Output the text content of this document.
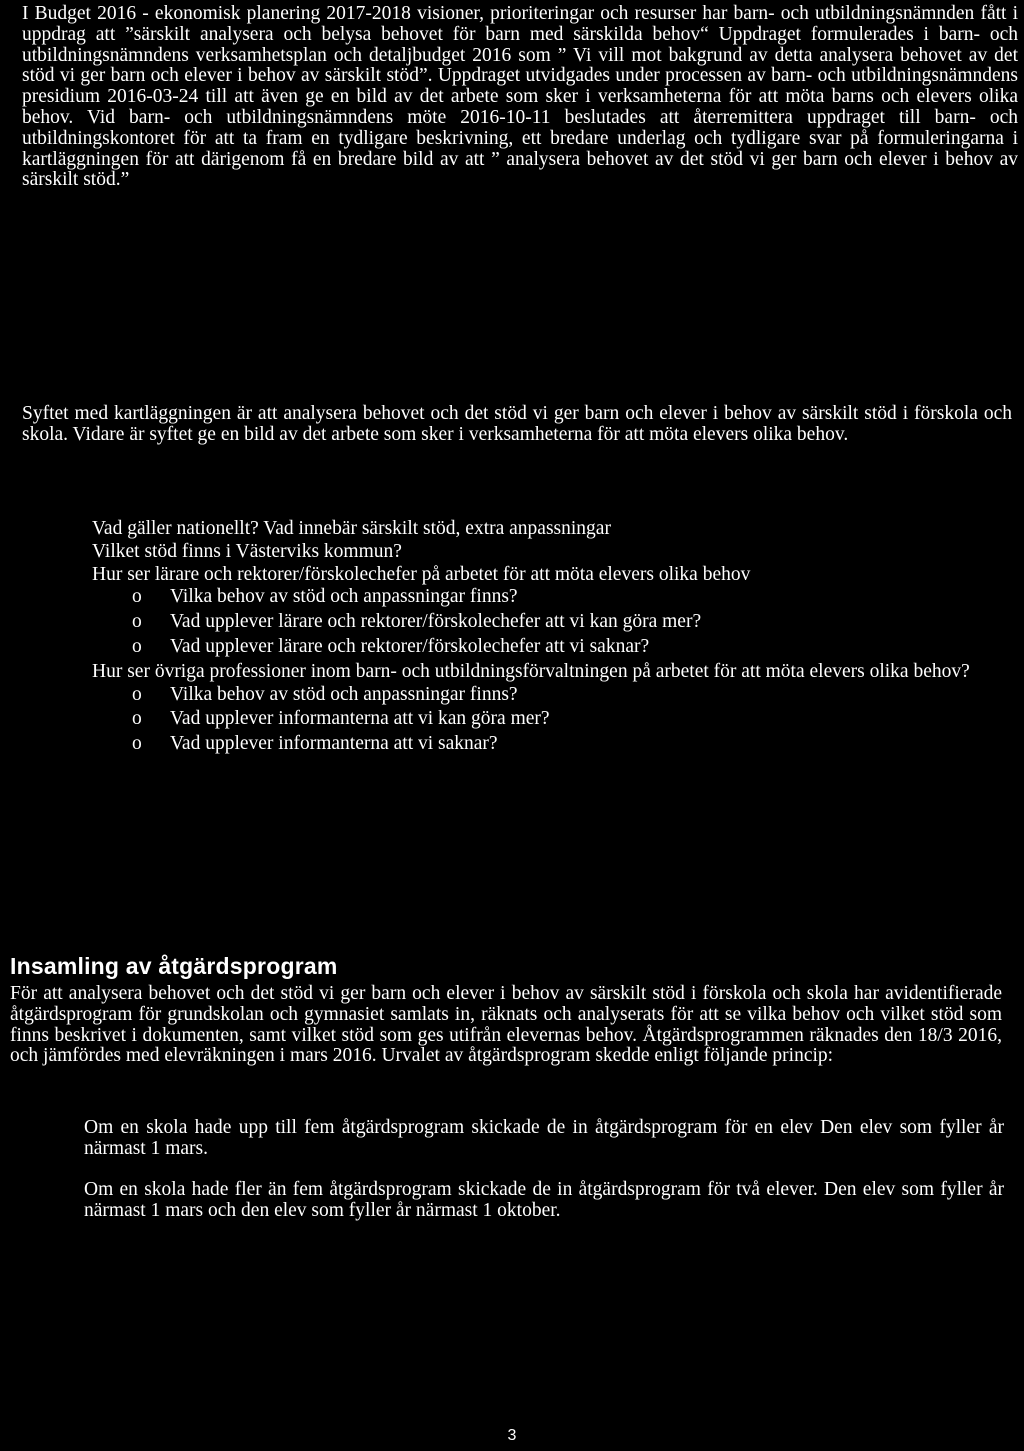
I Budget 2016 - ekonomisk planering 2017-2018 visioner, prioriteringar och resurser har barn- och utbildningsnämnden fått i uppdrag att ”särskilt analysera och belysa behovet för barn med särskilda behov“ Uppdraget formulerades i barn- och utbildningsnämndens verksamhetsplan och detaljbudget 2016 som ” Vi vill mot bakgrund av detta analysera behovet av det stöd vi ger barn och elever i behov av särskilt stöd”. Uppdraget utvidgades under processen av barn- och utbildningsnämndens presidium 2016-03-24 till att även ge en bild av det arbete som sker i verksamheterna för att möta barns och elevers olika behov. Vid barn- och utbildningsnämndens möte 2016-10-11 beslutades att återremittera uppdraget till barn- och utbildningskontoret för att ta fram en tydligare beskrivning, ett bredare underlag och tydligare svar på formuleringarna i kartläggningen för att därigenom få en bredare bild av att ” analysera behovet av det stöd vi ger barn och elever i behov av särskilt stöd.”

Syftet med kartläggningen är att analysera behovet och det stöd vi ger barn och elever i behov av särskilt stöd i förskola och skola. Vidare är syftet ge en bild av det arbete som sker i verksamheterna för att möta elevers olika behov.

Vad gäller nationellt? Vad innebär särskilt stöd, extra anpassningar
Vilket stöd finns i Västerviks kommun?
Hur ser lärare och rektorer/förskolechefer på arbetet för att möta elevers olika behov
o Vilka behov av stöd och anpassningar finns?
o Vad upplever lärare och rektorer/förskolechefer att vi kan göra mer?
o Vad upplever lärare och rektorer/förskolechefer att vi saknar?
Hur ser övriga professioner inom barn- och utbildningsförvaltningen på arbetet för att möta elevers olika behov?
o Vilka behov av stöd och anpassningar finns?
o Vad upplever informanterna att vi kan göra mer?
o Vad upplever informanterna att vi saknar?
Insamling av åtgärdsprogram

För att analysera behovet och det stöd vi ger barn och elever i behov av särskilt stöd i förskola och skola har avidentifierade åtgärdsprogram för grundskolan och gymnasiet samlats in, räknats och analyserats för att se vilka behov och vilket stöd som finns beskrivet i dokumenten, samt vilket stöd som ges utifrån elevernas behov. Åtgärdsprogrammen räknades den 18/3 2016, och jämfördes med elevräkningen i mars 2016. Urvalet av åtgärdsprogram skedde enligt följande princip:

Om en skola hade upp till fem åtgärdsprogram skickade de in åtgärdsprogram för en elev Den elev som fyller år närmast 1 mars.

Om en skola hade fler än fem åtgärdsprogram skickade de in åtgärdsprogram för två elever. Den elev som fyller år närmast 1 mars och den elev som fyller år närmast 1 oktober.

3
